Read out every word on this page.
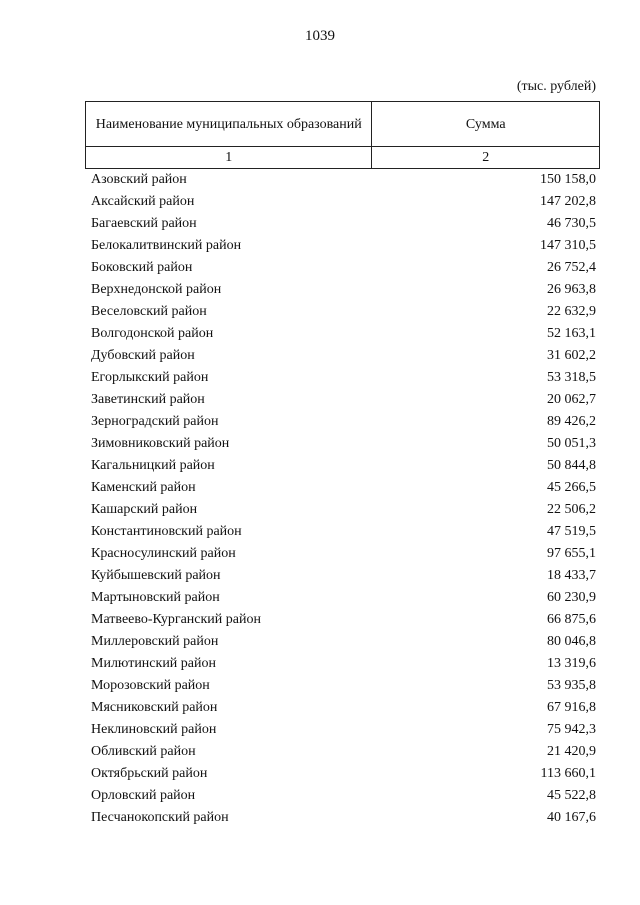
1039
(тыс. рублей)
Наименование муниципальных образований	Сумма
1	2
Азовский район	150 158,0
Аксайский район	147 202,8
Багаевский район	46 730,5
Белокалитвинский район	147 310,5
Боковский район	26 752,4
Верхнедонской район	26 963,8
Веселовский район	22 632,9
Волгодонской район	52 163,1
Дубовский район	31 602,2
Егорлыкский район	53 318,5
Заветинский район	20 062,7
Зерноградский район	89 426,2
Зимовниковский район	50 051,3
Кагальницкий район	50 844,8
Каменский район	45 266,5
Кашарский район	22 506,2
Константиновский район	47 519,5
Красносулинский район	97 655,1
Куйбышевский район	18 433,7
Мартыновский район	60 230,9
Матвеево-Курганский район	66 875,6
Миллеровский район	80 046,8
Милютинский район	13 319,6
Морозовский район	53 935,8
Мясниковский район	67 916,8
Неклиновский район	75 942,3
Обливский район	21 420,9
Октябрьский район	113 660,1
Орловский район	45 522,8
Песчанокопский район	40 167,6
